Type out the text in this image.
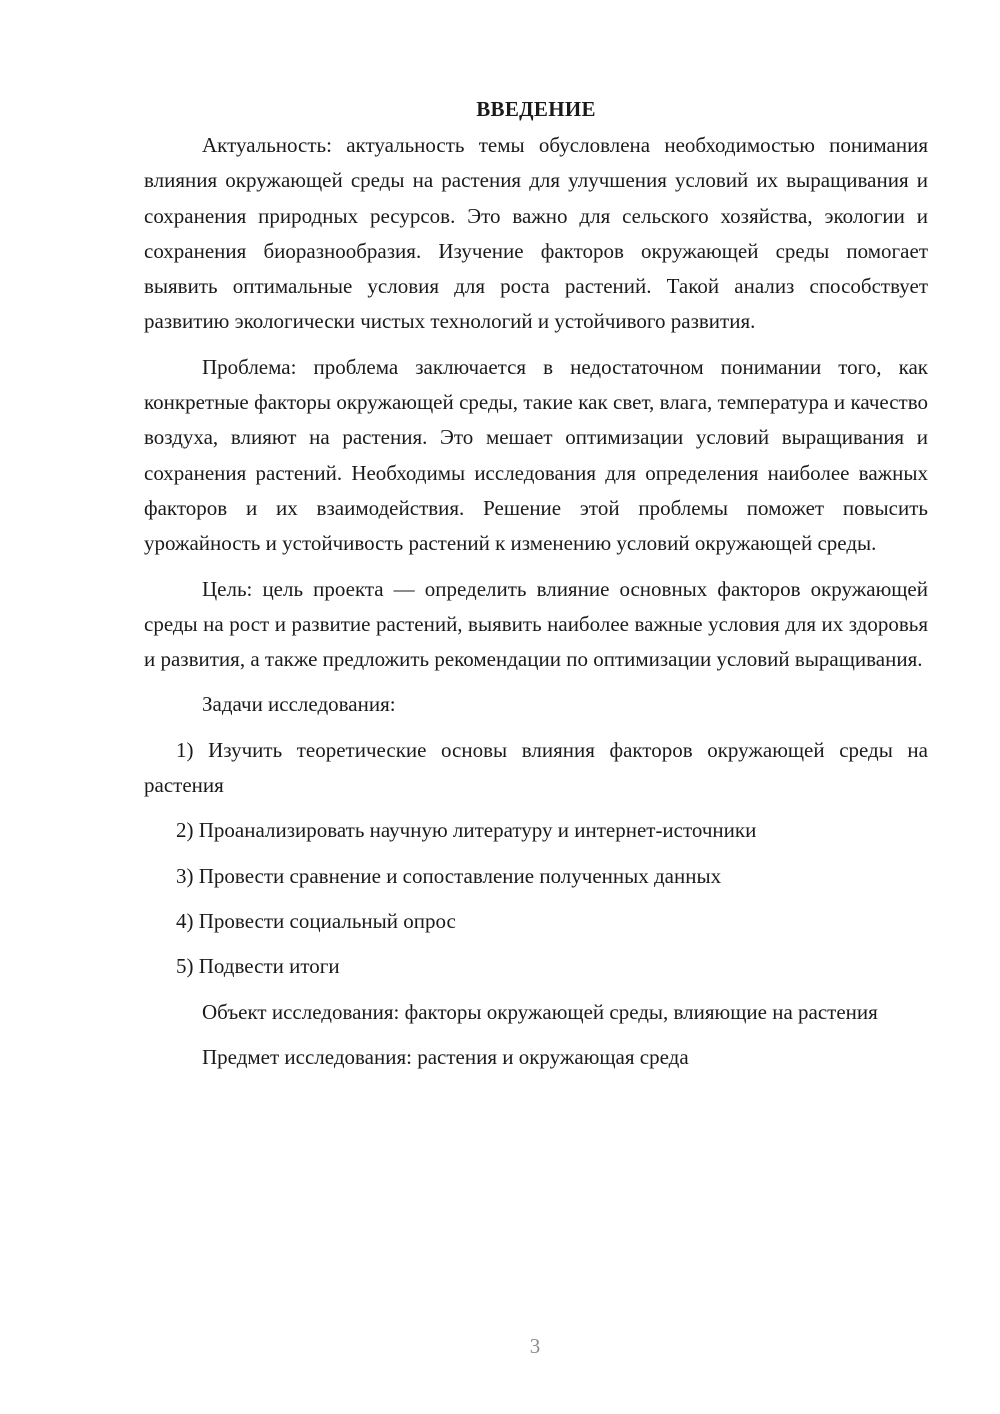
ВВЕДЕНИЕ

Актуальность: актуальность темы обусловлена необходимостью понимания влияния окружающей среды на растения для улучшения условий их выращивания и сохранения природных ресурсов. Это важно для сельского хозяйства, экологии и сохранения биоразнообразия. Изучение факторов окружающей среды помогает выявить оптимальные условия для роста растений. Такой анализ способствует развитию экологически чистых технологий и устойчивого развития.

Проблема: проблема заключается в недостаточном понимании того, как конкретные факторы окружающей среды, такие как свет, влага, температура и качество воздуха, влияют на растения. Это мешает оптимизации условий выращивания и сохранения растений. Необходимы исследования для определения наиболее важных факторов и их взаимодействия. Решение этой проблемы поможет повысить урожайность и устойчивость растений к изменению условий окружающей среды.

Цель: цель проекта — определить влияние основных факторов окружающей среды на рост и развитие растений, выявить наиболее важные условия для их здоровья и развития, а также предложить рекомендации по оптимизации условий выращивания.

Задачи исследования:

1) Изучить теоретические основы влияния факторов окружающей среды на растения

2) Проанализировать научную литературу и интернет-источники

3) Провести сравнение и сопоставление полученных данных

4) Провести социальный опрос

5) Подвести итоги

Объект исследования: факторы окружающей среды, влияющие на растения

Предмет исследования: растения и окружающая среда

3
